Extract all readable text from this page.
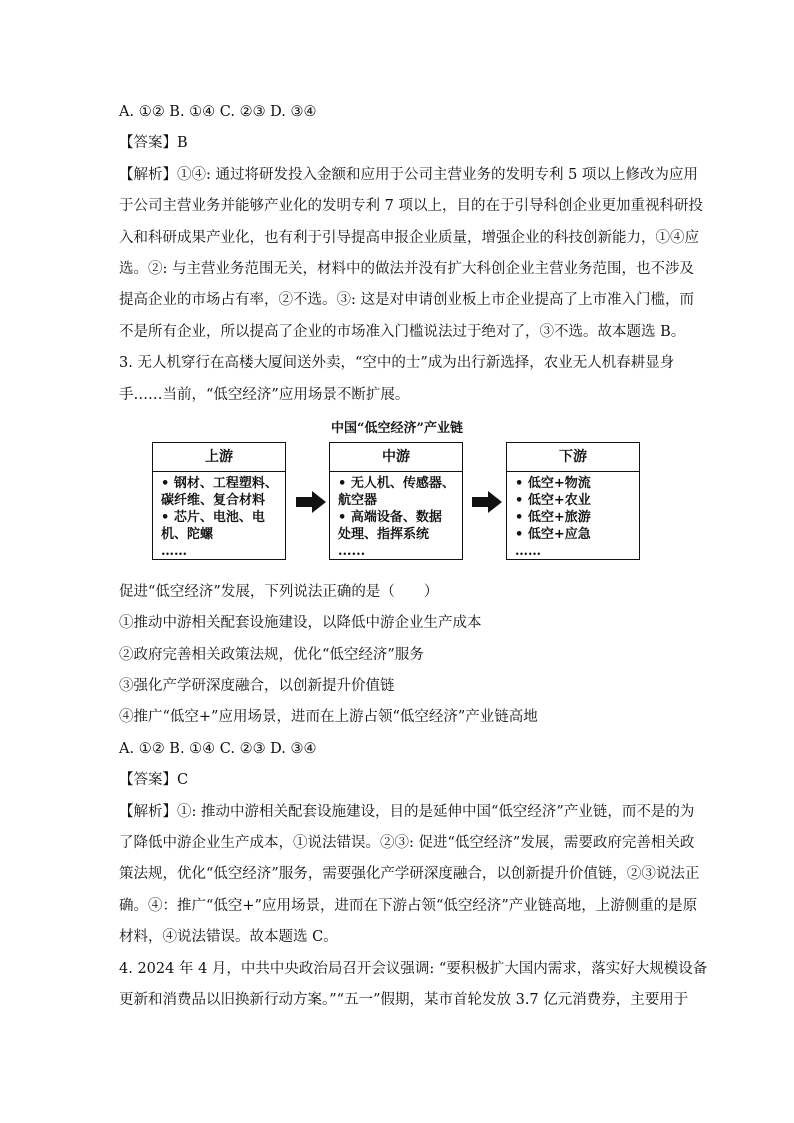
A. ①② B. ①④ C. ②③ D. ③④
【答案】B
【解析】①④: 通过将研发投入金额和应用于公司主营业务的发明专利 5 项以上修改为应用
于公司主营业务并能够产业化的发明专利 7 项以上，目的在于引导科创企业更加重视科研投
入和科研成果产业化，也有利于引导提高申报企业质量，增强企业的科技创新能力，①④应
选。②: 与主营业务范围无关，材料中的做法并没有扩大科创企业主营业务范围，也不涉及
提高企业的市场占有率，②不选。③: 这是对申请创业板上市企业提高了上市准入门槛，而
不是所有企业，所以提高了企业的市场准入门槛说法过于绝对了，③不选。故本题选 B。
3. 无人机穿行在高楼大厦间送外卖，“空中的士”成为出行新选择，农业无人机春耕显身
手……当前，“低空经济”应用场景不断扩展。
中国“低空经济”产业链
上游
• 钢材、工程塑料、
碳纤维、复合材料
• 芯片、电池、电
机、陀螺
……
中游
• 无人机、传感器、
航空器
• 高端设备、数据
处理、指挥系统
......
下游
• 低空+物流
• 低空+农业
• 低空+旅游
• 低空+应急
……
促进“低空经济”发展，下列说法正确的是（　　）
①推动中游相关配套设施建设，以降低中游企业生产成本
②政府完善相关政策法规，优化“低空经济”服务
③强化产学研深度融合，以创新提升价值链
④推广“低空+”应用场景，进而在上游占领“低空经济”产业链高地
A. ①② B. ①④ C. ②③ D. ③④
【答案】C
【解析】①: 推动中游相关配套设施建设，目的是延伸中国“低空经济”产业链，而不是的为
了降低中游企业生产成本，①说法错误。②③: 促进“低空经济”发展，需要政府完善相关政
策法规，优化“低空经济”服务，需要强化产学研深度融合，以创新提升价值链，②③说法正
确。④：推广“低空+”应用场景，进而在下游占领“低空经济”产业链高地，上游侧重的是原
材料，④说法错误。故本题选 C。
4. 2024 年 4 月，中共中央政治局召开会议强调: “要积极扩大国内需求，落实好大规模设备
更新和消费品以旧换新行动方案。”“五一”假期，某市首轮发放 3.7 亿元消费券，主要用于
